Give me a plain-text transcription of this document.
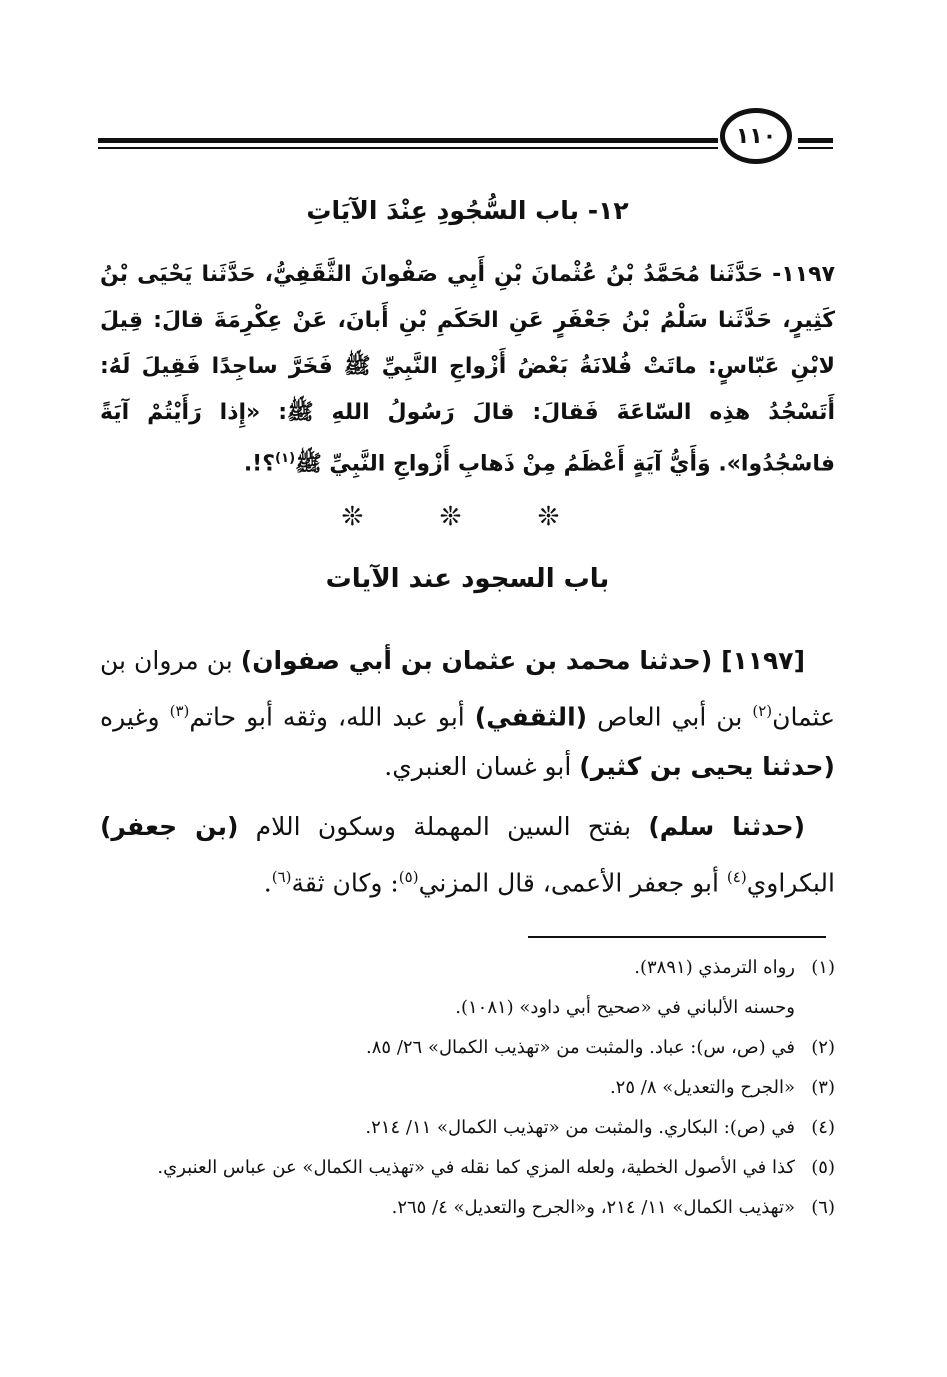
١١٠
١٢- باب السُّجُودِ عِنْدَ الآيَاتِ
١١٩٧- حَدَّثَنا مُحَمَّدُ بْنُ عُثْمانَ بْنِ أَبِي صَفْوانَ الثَّقَفِيُّ، حَدَّثَنا يَحْيَى بْنُ كَثِيرٍ، حَدَّثَنا سَلْمُ بْنُ جَعْفَرٍ عَنِ الحَكَمِ بْنِ أَبانَ، عَنْ عِكْرِمَةَ قالَ: قِيلَ لابْنِ عَبّاسٍ: ماتَتْ فُلانَةُ بَعْضُ أَزْواجِ النَّبِيِّ ﷺ فَخَرَّ ساجِدًا فَقِيلَ لَهُ: أَتَسْجُدُ هذِه السّاعَةَ فَقالَ: قالَ رَسُولُ اللهِ ﷺ: «إِذا رَأَيْتُمْ آيَةً فاسْجُدُوا». وَأَيُّ آيَةٍ أَعْظَمُ مِنْ ذَهابِ أَزْواجِ النَّبِيِّ ﷺ$^{(١)}$؟!.
❊ ❊ ❊
باب السجود عند الآيات

[١١٩٧] (حدثنا محمد بن عثمان بن أبي صفوان) بن مروان بن عثمان$^{(٢)}$ بن أبي العاص (الثقفي) أبو عبد الله، وثقه أبو حاتم$^{(٣)}$ وغيره (حدثنا يحيى بن كثير) أبو غسان العنبري.

(حدثنا سلم) بفتح السين المهملة وسكون اللام (بن جعفر) البكراوي$^{(٤)}$ أبو جعفر الأعمى، قال المزني$^{(٥)}$: وكان ثقة$^{(٦)}$.

(١)
رواه الترمذي (٣٨٩١).
وحسنه الألباني في «صحيح أبي داود» (١٠٨١).
(٢)
في (ص، س): عباد. والمثبت من «تهذيب الكمال» ٢٦/ ٨٥.
(٣)
«الجرح والتعديل» ٨/ ٢٥.
(٤)
في (ص): البكاري. والمثبت من «تهذيب الكمال» ١١/ ٢١٤.
(٥)
كذا في الأصول الخطية، ولعله المزي كما نقله في «تهذيب الكمال» عن عباس العنبري.
(٦)
«تهذيب الكمال» ١١/ ٢١٤، و«الجرح والتعديل» ٤/ ٢٦٥.
